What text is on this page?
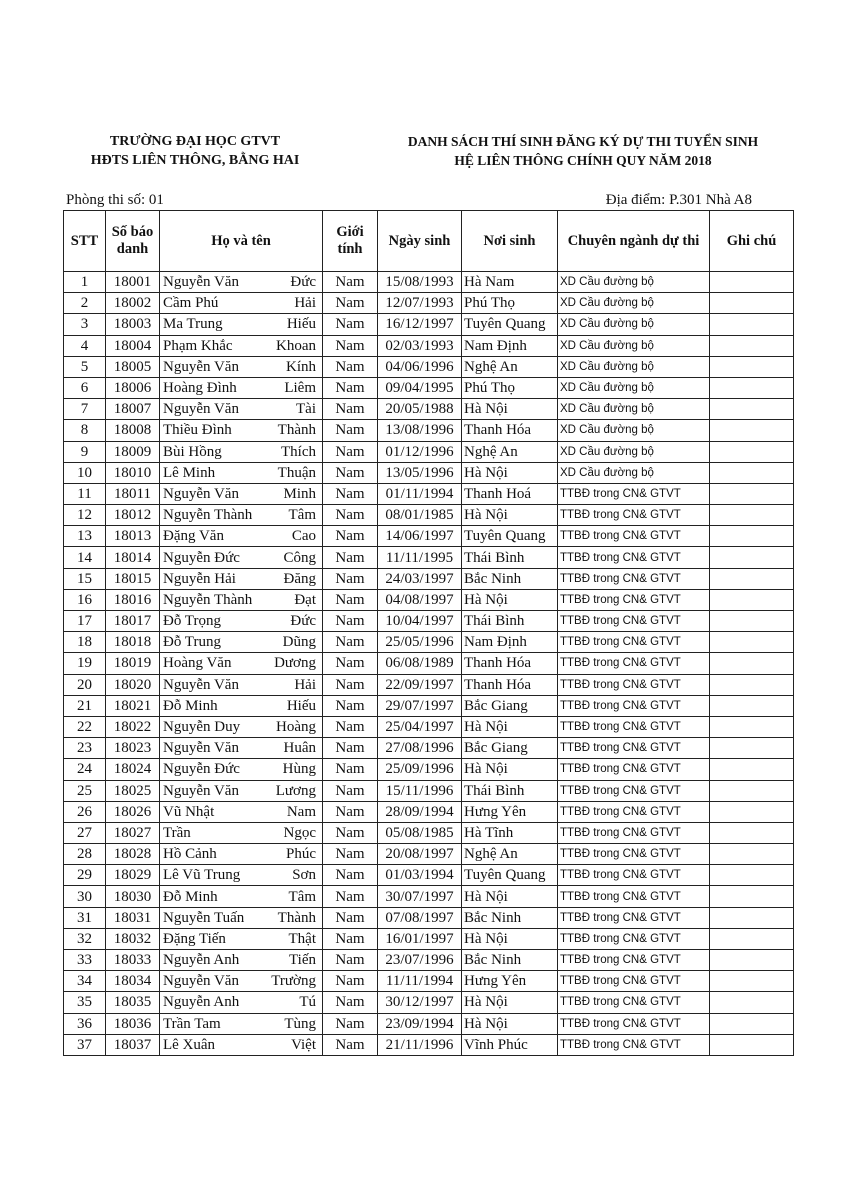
TRƯỜNG ĐẠI HỌC GTVT
HĐTS LIÊN THÔNG, BẰNG HAI
DANH SÁCH THÍ SINH ĐĂNG KÝ DỰ THI TUYỂN SINH
HỆ LIÊN THÔNG CHÍNH QUY NĂM 2018
Phòng thi số: 01	Địa điểm: P.301 Nhà A8
STT	Số báo danh	Họ và tên	Giới tính	Ngày sinh	Nơi sinh	Chuyên ngành dự thi	Ghi chú
1	18001	Nguyễn Văn Đức	Nam	15/08/1993	Hà Nam	XD Cầu đường bộ	
2	18002	Cầm Phú Hải	Nam	12/07/1993	Phú Thọ	XD Cầu đường bộ	
3	18003	Ma Trung Hiếu	Nam	16/12/1997	Tuyên Quang	XD Cầu đường bộ	
4	18004	Phạm Khắc Khoan	Nam	02/03/1993	Nam Định	XD Cầu đường bộ	
5	18005	Nguyễn Văn Kính	Nam	04/06/1996	Nghệ An	XD Cầu đường bộ	
6	18006	Hoàng Đình Liêm	Nam	09/04/1995	Phú Thọ	XD Cầu đường bộ	
7	18007	Nguyễn Văn Tài	Nam	20/05/1988	Hà Nội	XD Cầu đường bộ	
8	18008	Thiều Đình Thành	Nam	13/08/1996	Thanh Hóa	XD Cầu đường bộ	
9	18009	Bùi Hồng Thích	Nam	01/12/1996	Nghệ An	XD Cầu đường bộ	
10	18010	Lê Minh Thuận	Nam	13/05/1996	Hà Nội	XD Cầu đường bộ	
11	18011	Nguyễn Văn Minh	Nam	01/11/1994	Thanh Hoá	TTBĐ trong CN& GTVT	
12	18012	Nguyễn Thành Tâm	Nam	08/01/1985	Hà Nội	TTBĐ trong CN& GTVT	
13	18013	Đặng Văn Cao	Nam	14/06/1997	Tuyên Quang	TTBĐ trong CN& GTVT	
14	18014	Nguyễn Đức Công	Nam	11/11/1995	Thái Bình	TTBĐ trong CN& GTVT	
15	18015	Nguyễn Hải Đăng	Nam	24/03/1997	Bắc Ninh	TTBĐ trong CN& GTVT	
16	18016	Nguyễn Thành Đạt	Nam	04/08/1997	Hà Nội	TTBĐ trong CN& GTVT	
17	18017	Đỗ Trọng Đức	Nam	10/04/1997	Thái Bình	TTBĐ trong CN& GTVT	
18	18018	Đỗ Trung Dũng	Nam	25/05/1996	Nam Định	TTBĐ trong CN& GTVT	
19	18019	Hoàng Văn Dương	Nam	06/08/1989	Thanh Hóa	TTBĐ trong CN& GTVT	
20	18020	Nguyễn Văn Hải	Nam	22/09/1997	Thanh Hóa	TTBĐ trong CN& GTVT	
21	18021	Đỗ Minh Hiếu	Nam	29/07/1997	Bắc Giang	TTBĐ trong CN& GTVT	
22	18022	Nguyễn Duy Hoàng	Nam	25/04/1997	Hà Nội	TTBĐ trong CN& GTVT	
23	18023	Nguyễn Văn Huân	Nam	27/08/1996	Bắc Giang	TTBĐ trong CN& GTVT	
24	18024	Nguyễn Đức Hùng	Nam	25/09/1996	Hà Nội	TTBĐ trong CN& GTVT	
25	18025	Nguyễn Văn Lương	Nam	15/11/1996	Thái Bình	TTBĐ trong CN& GTVT	
26	18026	Vũ Nhật Nam	Nam	28/09/1994	Hưng Yên	TTBĐ trong CN& GTVT	
27	18027	Trần Ngọc	Nam	05/08/1985	Hà Tĩnh	TTBĐ trong CN& GTVT	
28	18028	Hồ Cảnh Phúc	Nam	20/08/1997	Nghệ An	TTBĐ trong CN& GTVT	
29	18029	Lê Vũ Trung Sơn	Nam	01/03/1994	Tuyên Quang	TTBĐ trong CN& GTVT	
30	18030	Đỗ Minh Tâm	Nam	30/07/1997	Hà Nội	TTBĐ trong CN& GTVT	
31	18031	Nguyễn Tuấn Thành	Nam	07/08/1997	Bắc Ninh	TTBĐ trong CN& GTVT	
32	18032	Đặng Tiến Thật	Nam	16/01/1997	Hà Nội	TTBĐ trong CN& GTVT	
33	18033	Nguyễn Anh Tiến	Nam	23/07/1996	Bắc Ninh	TTBĐ trong CN& GTVT	
34	18034	Nguyễn Văn Trường	Nam	11/11/1994	Hưng Yên	TTBĐ trong CN& GTVT	
35	18035	Nguyễn Anh Tú	Nam	30/12/1997	Hà Nội	TTBĐ trong CN& GTVT	
36	18036	Trần Tam Tùng	Nam	23/09/1994	Hà Nội	TTBĐ trong CN& GTVT	
37	18037	Lê Xuân Việt	Nam	21/11/1996	Vĩnh Phúc	TTBĐ trong CN& GTVT	
